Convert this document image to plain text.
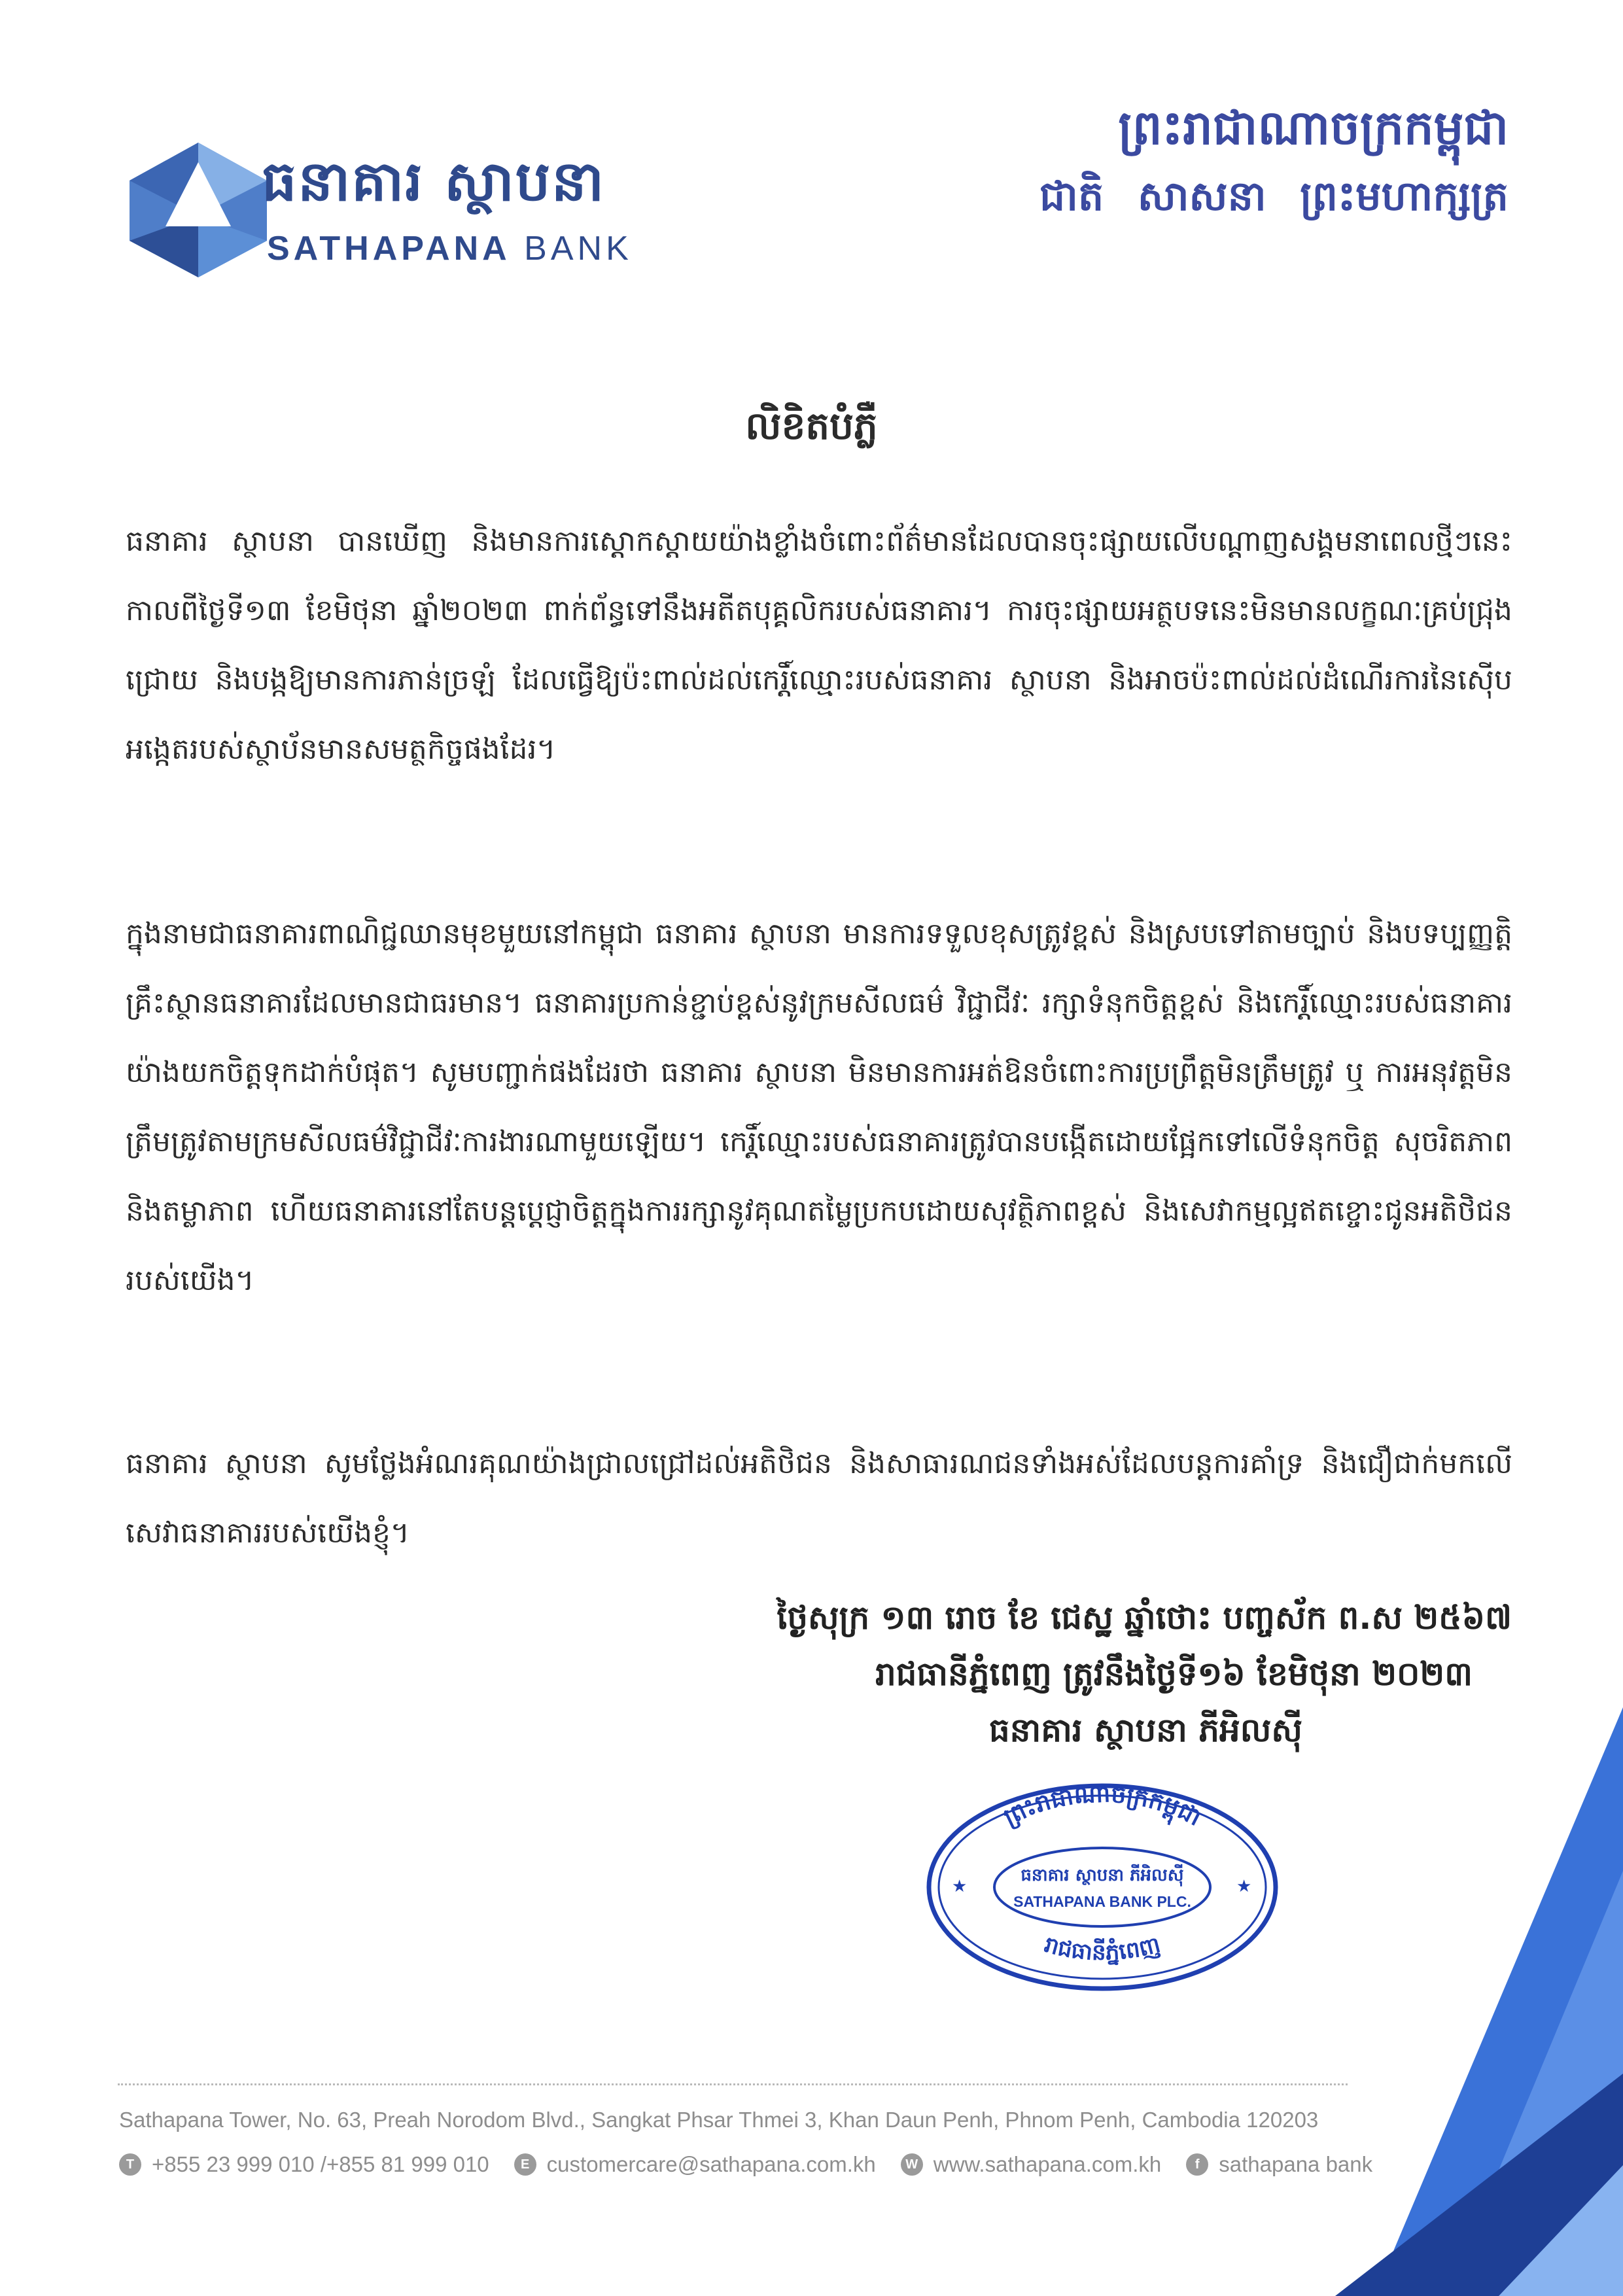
ធនាគារ ស្ថាបនា
SATHAPANA BANK
ព្រះរាជាណាចក្រកម្ពុជា
ជាតិ សាសនា ព្រះមហាក្សត្រ
លិខិតបំភ្លឺ
ធនាគារ ស្ថាបនា បានឃើញ និងមានការស្តោកស្តាយយ៉ាងខ្លាំងចំពោះព័ត៌មានដែលបានចុះផ្សាយលើបណ្តាញសង្គមនាពេលថ្មីៗនេះ កាលពីថ្ងៃទី១៣ ខែមិថុនា ឆ្នាំ២០២៣ ពាក់ព័ន្ធទៅនឹងអតីតបុគ្គលិករបស់ធនាគារ។ ការចុះផ្សាយអត្ថបទនេះមិនមានលក្ខណៈគ្រប់ជ្រុងជ្រោយ និងបង្កឱ្យមានការភាន់ច្រឡំ ដែលធ្វើឱ្យប៉ះពាល់ដល់កេរ្តិ៍ឈ្មោះរបស់ធនាគារ ស្ថាបនា និងអាចប៉ះពាល់ដល់ដំណើរការនៃស៊ើបអង្កេតរបស់ស្ថាប័នមានសមត្ថកិច្ចផងដែរ។
ក្នុងនាមជាធនាគារពាណិជ្ជឈានមុខមួយនៅកម្ពុជា ធនាគារ ស្ថាបនា មានការទទួលខុសត្រូវខ្ពស់ និងស្របទៅតាមច្បាប់ និងបទប្បញ្ញត្តិគ្រឹះស្ថានធនាគារដែលមានជាធរមាន។ ធនាគារប្រកាន់ខ្ជាប់ខ្ពស់នូវក្រមសីលធម៌ វិជ្ជាជីវៈ រក្សាទំនុកចិត្តខ្ពស់ និងកេរ្តិ៍ឈ្មោះរបស់ធនាគារយ៉ាងយកចិត្តទុកដាក់បំផុត។ សូមបញ្ជាក់ផងដែរថា ធនាគារ ស្ថាបនា មិនមានការអត់ឱនចំពោះការប្រព្រឹត្តមិនត្រឹមត្រូវ ឬ ការអនុវត្តមិនត្រឹមត្រូវតាមក្រមសីលធម៌វិជ្ជាជីវៈការងារណាមួយឡើយ។ កេរ្តិ៍ឈ្មោះរបស់ធនាគារត្រូវបានបង្កើតដោយផ្អែកទៅលើទំនុកចិត្ត សុចរិតភាព និងតម្លាភាព ហើយធនាគារនៅតែបន្តប្តេជ្ញាចិត្តក្នុងការរក្សានូវគុណតម្លៃប្រកបដោយសុវត្ថិភាពខ្ពស់ និងសេវាកម្មល្អឥតខ្ចោះជូនអតិថិជនរបស់យើង។
ធនាគារ ស្ថាបនា សូមថ្លែងអំណរគុណយ៉ាងជ្រាលជ្រៅដល់អតិថិជន និងសាធារណជនទាំងអស់ដែលបន្តការគាំទ្រ និងជឿជាក់មកលើសេវាធនាគាររបស់យើងខ្ញុំ។
ថ្ងៃសុក្រ ១៣ រោច ខែ ជេស្ឋ ឆ្នាំថោះ បញ្ចស័ក ព.ស ២៥៦៧
រាជធានីភ្នំពេញ ត្រូវនឹងថ្ងៃទី១៦ ខែមិថុនា ២០២៣
ធនាគារ ស្ថាបនា ភីអិលស៊ី
ព្រះរាជាណាចក្រកម្ពុជា
រាជធានីភ្នំពេញ
ធនាគារ ស្ថាបនា ភីអិលស៊ី
SATHAPANA BANK PLC.
★	★
Sathapana Tower, No. 63, Preah Norodom Blvd., Sangkat Phsar Thmei 3, Khan Daun Penh, Phnom Penh, Cambodia 120203
T +855 23 999 010 /+855 81 999 010	E customercare@sathapana.com.kh	W www.sathapana.com.kh	f sathapana bank
